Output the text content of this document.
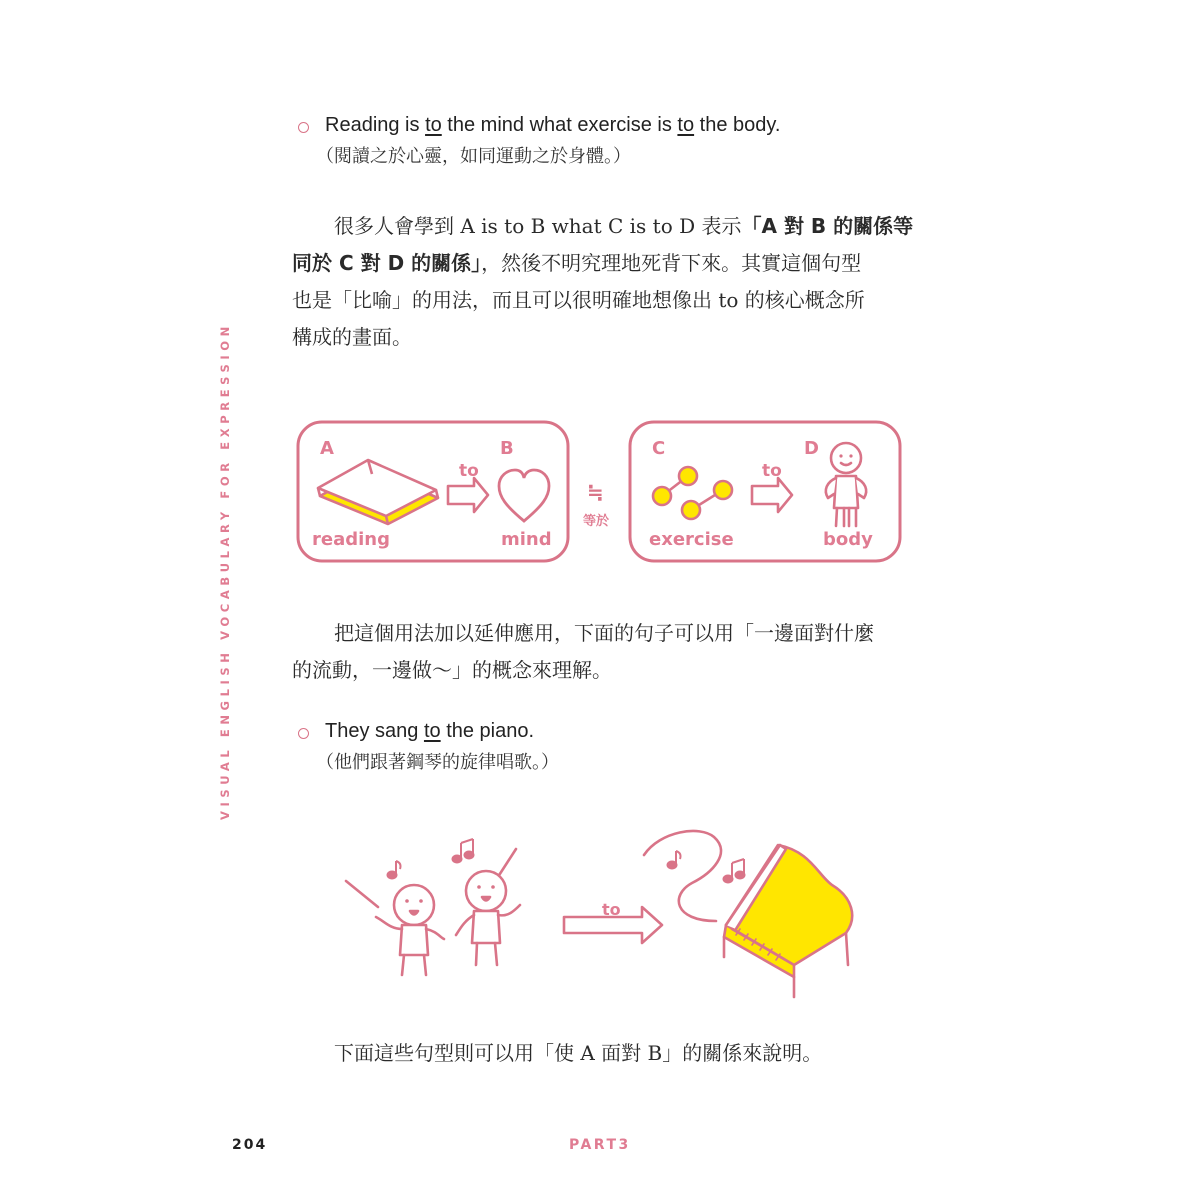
VISUAL ENGLISH VOCABULARY FOR EXPRESSION
Reading is to the mind what exercise is to the body.
（閱讀之於心靈，如同運動之於身體。）
很多人會學到 A is to B what C is to D 表示「A 對 B 的關係等
同於 C 對 D 的關係」，然後不明究理地死背下來。其實這個句型
也是「比喻」的用法，而且可以很明確地想像出 to 的核心概念所
構成的畫面。
A	B
to
reading	mind
≒
等於
C	D
to
exercise	body
把這個用法加以延伸應用，下面的句子可以用「一邊面對什麼
的流動，一邊做～」的概念來理解。
They sang to the piano.
（他們跟著鋼琴的旋律唱歌。）
to
下面這些句型則可以用「使 A 面對 B」的關係來說明。
204	PART3
